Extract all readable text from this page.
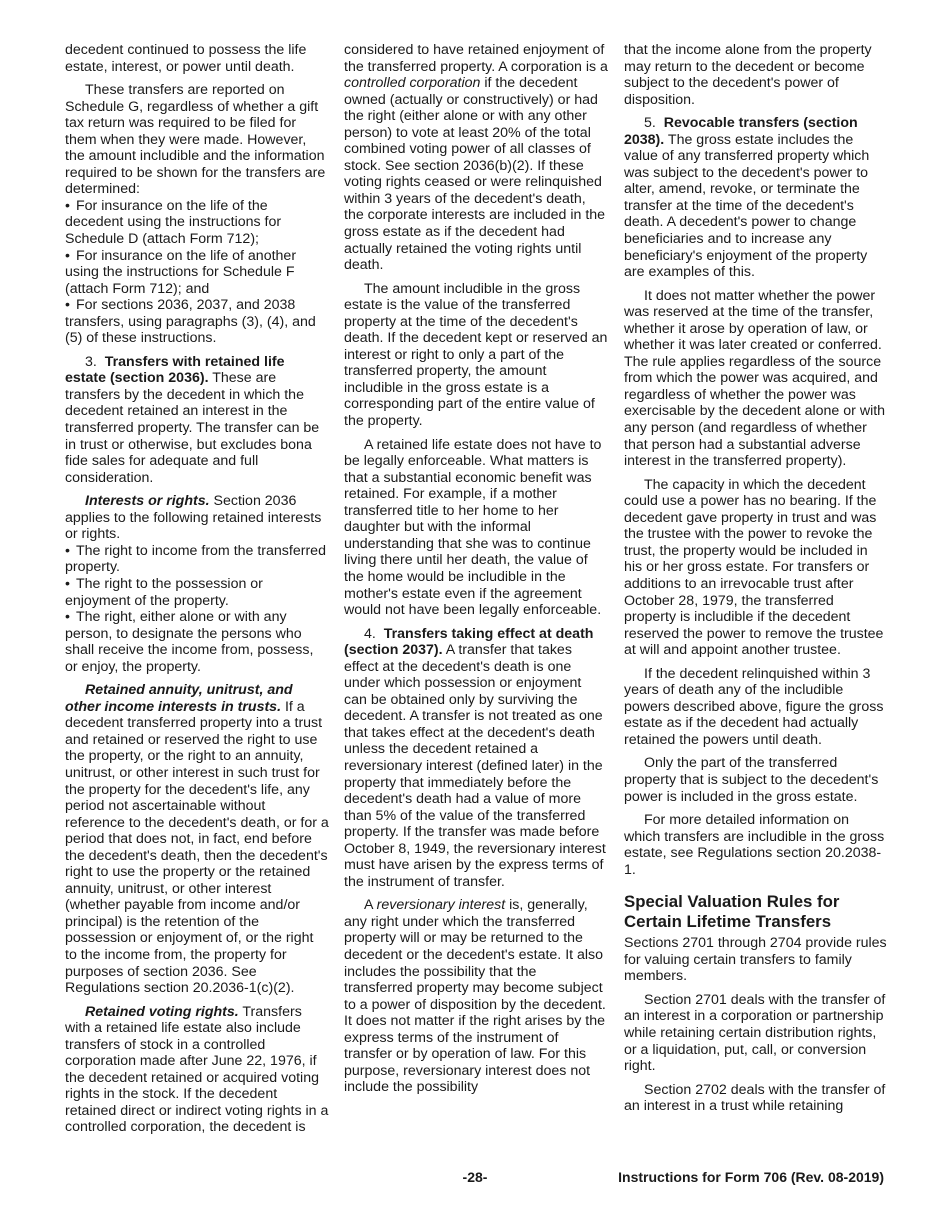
decedent continued to possess the life estate, interest, or power until death.

These transfers are reported on Schedule G, regardless of whether a gift tax return was required to be filed for them when they were made. However, the amount includible and the information required to be shown for the transfers are determined:

• For insurance on the life of the decedent using the instructions for Schedule D (attach Form 712);

• For insurance on the life of another using the instructions for Schedule F (attach Form 712); and

• For sections 2036, 2037, and 2038 transfers, using paragraphs (3), (4), and (5) of these instructions.

3. Transfers with retained life estate (section 2036). These are transfers by the decedent in which the decedent retained an interest in the transferred property. The transfer can be in trust or otherwise, but excludes bona fide sales for adequate and full consideration.

Interests or rights. Section 2036 applies to the following retained interests or rights.

• The right to income from the transferred property.

• The right to the possession or enjoyment of the property.

• The right, either alone or with any person, to designate the persons who shall receive the income from, possess, or enjoy, the property.

Retained annuity, unitrust, and other income interests in trusts. If a decedent transferred property into a trust and retained or reserved the right to use the property, or the right to an annuity, unitrust, or other interest in such trust for the property for the decedent's life, any period not ascertainable without reference to the decedent's death, or for a period that does not, in fact, end before the decedent's death, then the decedent's right to use the property or the retained annuity, unitrust, or other interest (whether payable from income and/or principal) is the retention of the possession or enjoyment of, or the right to the income from, the property for purposes of section 2036. See Regulations section 20.2036-1(c)(2).

Retained voting rights. Transfers with a retained life estate also include transfers of stock in a controlled corporation made after June 22, 1976, if the decedent retained or acquired voting rights in the stock. If the decedent retained direct or indirect voting rights in a controlled corporation, the decedent is

considered to have retained enjoyment of the transferred property. A corporation is a controlled corporation if the decedent owned (actually or constructively) or had the right (either alone or with any other person) to vote at least 20% of the total combined voting power of all classes of stock. See section 2036(b)(2). If these voting rights ceased or were relinquished within 3 years of the decedent's death, the corporate interests are included in the gross estate as if the decedent had actually retained the voting rights until death.

The amount includible in the gross estate is the value of the transferred property at the time of the decedent's death. If the decedent kept or reserved an interest or right to only a part of the transferred property, the amount includible in the gross estate is a corresponding part of the entire value of the property.

A retained life estate does not have to be legally enforceable. What matters is that a substantial economic benefit was retained. For example, if a mother transferred title to her home to her daughter but with the informal understanding that she was to continue living there until her death, the value of the home would be includible in the mother's estate even if the agreement would not have been legally enforceable.

4. Transfers taking effect at death (section 2037). A transfer that takes effect at the decedent's death is one under which possession or enjoyment can be obtained only by surviving the decedent. A transfer is not treated as one that takes effect at the decedent's death unless the decedent retained a reversionary interest (defined later) in the property that immediately before the decedent's death had a value of more than 5% of the value of the transferred property. If the transfer was made before October 8, 1949, the reversionary interest must have arisen by the express terms of the instrument of transfer.

A reversionary interest is, generally, any right under which the transferred property will or may be returned to the decedent or the decedent's estate. It also includes the possibility that the transferred property may become subject to a power of disposition by the decedent. It does not matter if the right arises by the express terms of the instrument of transfer or by operation of law. For this purpose, reversionary interest does not include the possibility

that the income alone from the property may return to the decedent or become subject to the decedent's power of disposition.

5. Revocable transfers (section 2038). The gross estate includes the value of any transferred property which was subject to the decedent's power to alter, amend, revoke, or terminate the transfer at the time of the decedent's death. A decedent's power to change beneficiaries and to increase any beneficiary's enjoyment of the property are examples of this.

It does not matter whether the power was reserved at the time of the transfer, whether it arose by operation of law, or whether it was later created or conferred. The rule applies regardless of the source from which the power was acquired, and regardless of whether the power was exercisable by the decedent alone or with any person (and regardless of whether that person had a substantial adverse interest in the transferred property).

The capacity in which the decedent could use a power has no bearing. If the decedent gave property in trust and was the trustee with the power to revoke the trust, the property would be included in his or her gross estate. For transfers or additions to an irrevocable trust after October 28, 1979, the transferred property is includible if the decedent reserved the power to remove the trustee at will and appoint another trustee.

If the decedent relinquished within 3 years of death any of the includible powers described above, figure the gross estate as if the decedent had actually retained the powers until death.

Only the part of the transferred property that is subject to the decedent's power is included in the gross estate.

For more detailed information on which transfers are includible in the gross estate, see Regulations section 20.2038-1.

Special Valuation Rules for Certain Lifetime Transfers

Sections 2701 through 2704 provide rules for valuing certain transfers to family members.

Section 2701 deals with the transfer of an interest in a corporation or partnership while retaining certain distribution rights, or a liquidation, put, call, or conversion right.

Section 2702 deals with the transfer of an interest in a trust while retaining

-28-	Instructions for Form 706 (Rev. 08-2019)
